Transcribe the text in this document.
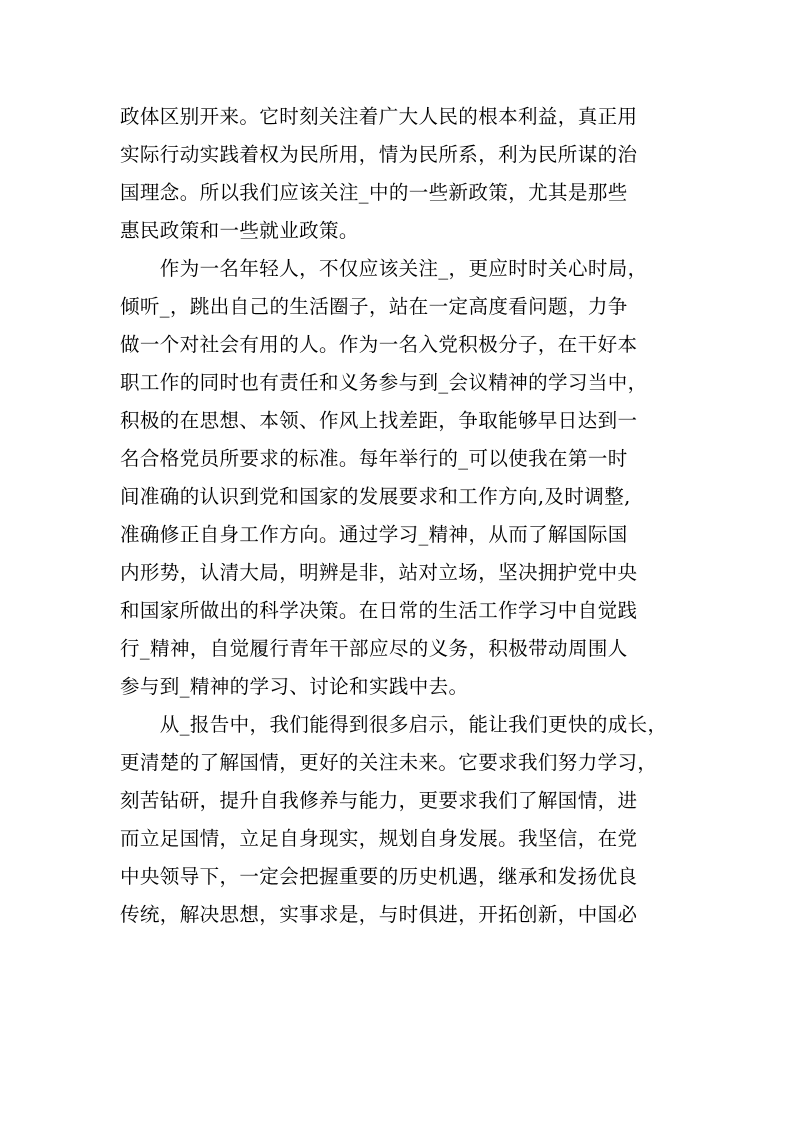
政体区别开来。它时刻关注着广大人民的根本利益，真正用
实际行动实践着权为民所用，情为民所系，利为民所谋的治
国理念。所以我们应该关注_中的一些新政策，尤其是那些
惠民政策和一些就业政策。
　　作为一名年轻人，不仅应该关注_，更应时时关心时局，
倾听_，跳出自己的生活圈子，站在一定高度看问题，力争
做一个对社会有用的人。作为一名入党积极分子，在干好本
职工作的同时也有责任和义务参与到_会议精神的学习当中，
积极的在思想、本领、作风上找差距，争取能够早日达到一
名合格党员所要求的标准。每年举行的_可以使我在第一时
间准确的认识到党和国家的发展要求和工作方向,及时调整,
准确修正自身工作方向。通过学习_精神，从而了解国际国
内形势，认清大局，明辨是非，站对立场，坚决拥护党中央
和国家所做出的科学决策。在日常的生活工作学习中自觉践
行_精神，自觉履行青年干部应尽的义务，积极带动周围人
参与到_精神的学习、讨论和实践中去。
　　从_报告中，我们能得到很多启示，能让我们更快的成长，
更清楚的了解国情，更好的关注未来。它要求我们努力学习，
刻苦钻研，提升自我修养与能力，更要求我们了解国情，进
而立足国情，立足自身现实，规划自身发展。我坚信，在党
中央领导下，一定会把握重要的历史机遇，继承和发扬优良
传统，解决思想，实事求是，与时俱进，开拓创新，中国必
